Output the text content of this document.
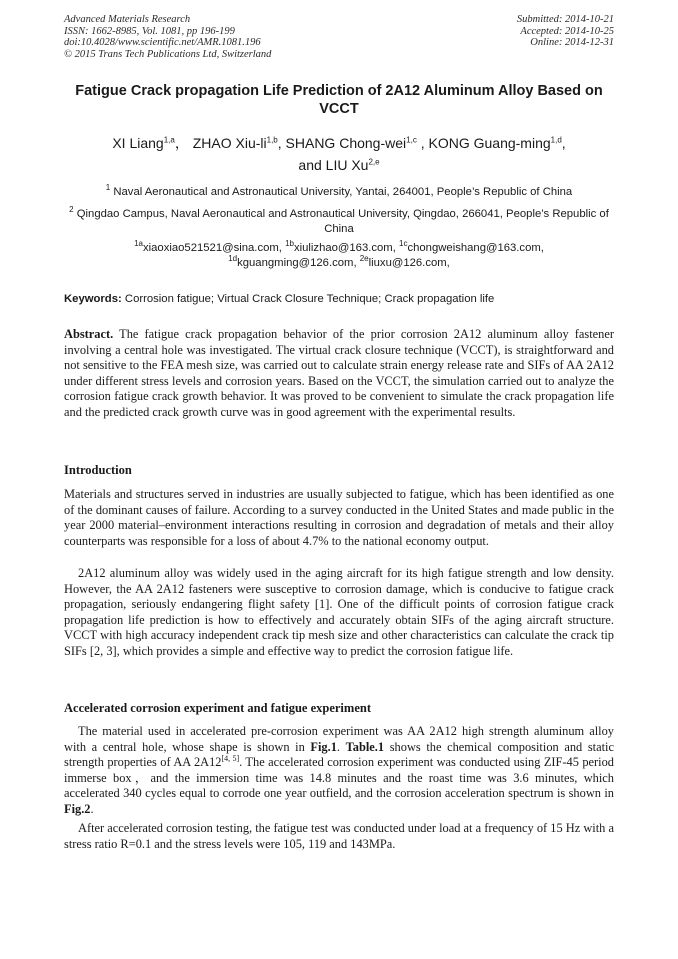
Advanced Materials Research
ISSN: 1662-8985, Vol. 1081, pp 196-199
doi:10.4028/www.scientific.net/AMR.1081.196
© 2015 Trans Tech Publications Ltd, Switzerland
Submitted: 2014-10-21
Accepted: 2014-10-25
Online: 2014-12-31
Fatigue Crack propagation Life Prediction of 2A12 Aluminum Alloy Based on VCCT
XI Liang$^{1,a}$， ZHAO Xiu-li$^{1,b}$, SHANG Chong-wei$^{1,c}$ , KONG Guang-ming$^{1,d}$,
and LIU Xu$^{2,e}$
$^1$ Naval Aeronautical and Astronautical University, Yantai, 264001, People’s Republic of China
$^2$ Qingdao Campus, Naval Aeronautical and Astronautical University, Qingdao, 266041, People’s Republic of China
$^{1a}$xiaoxiao521521@sina.com, $^{1b}$xiulizhao@163.com, $^{1c}$chongweishang@163.com,
$^{1d}$kguangming@126.com, $^{2e}$liuxu@126.com,
Keywords: Corrosion fatigue; Virtual Crack Closure Technique; Crack propagation life
Abstract. The fatigue crack propagation behavior of the prior corrosion 2A12 aluminum alloy fastener involving a central hole was investigated. The virtual crack closure technique (VCCT), is straightforward and not sensitive to the FEA mesh size, was carried out to calculate strain energy release rate and SIFs of AA 2A12 under different stress levels and corrosion years. Based on the VCCT, the simulation carried out to analyze the corrosion fatigue crack growth behavior. It was proved to be convenient to simulate the crack propagation life and the predicted crack growth curve was in good agreement with the experimental results.
Introduction
Materials and structures served in industries are usually subjected to fatigue, which has been identified as one of the dominant causes of failure. According to a survey conducted in the United States and made public in the year 2000 material–environment interactions resulting in corrosion and degradation of metals and their alloy counterparts was responsible for a loss of about 4.7% to the national economy output.
2A12 aluminum alloy was widely used in the aging aircraft for its high fatigue strength and low density. However, the AA 2A12 fasteners were susceptive to corrosion damage, which is conducive to fatigue crack propagation, seriously endangering flight safety [1]. One of the difficult points of corrosion fatigue crack propagation life prediction is how to effectively and accurately obtain SIFs of the aging aircraft structure. VCCT with high accuracy independent crack tip mesh size and other characteristics can calculate the crack tip SIFs [2, 3], which provides a simple and effective way to predict the corrosion fatigue life.
Accelerated corrosion experiment and fatigue experiment
The material used in accelerated pre-corrosion experiment was AA 2A12 high strength aluminum alloy with a central hole, whose shape is shown in Fig.1. Table.1 shows the chemical composition and static strength properties of AA 2A12[4, 5]. The accelerated corrosion experiment was conducted using ZIF-45 period immerse box，and the immersion time was 14.8 minutes and the roast time was 3.6 minutes, which accelerated 340 cycles equal to corrode one year outfield, and the corrosion acceleration spectrum is shown in Fig.2.
After accelerated corrosion testing, the fatigue test was conducted under load at a frequency of 15 Hz with a stress ratio R=0.1 and the stress levels were 105, 119 and 143MPa.
